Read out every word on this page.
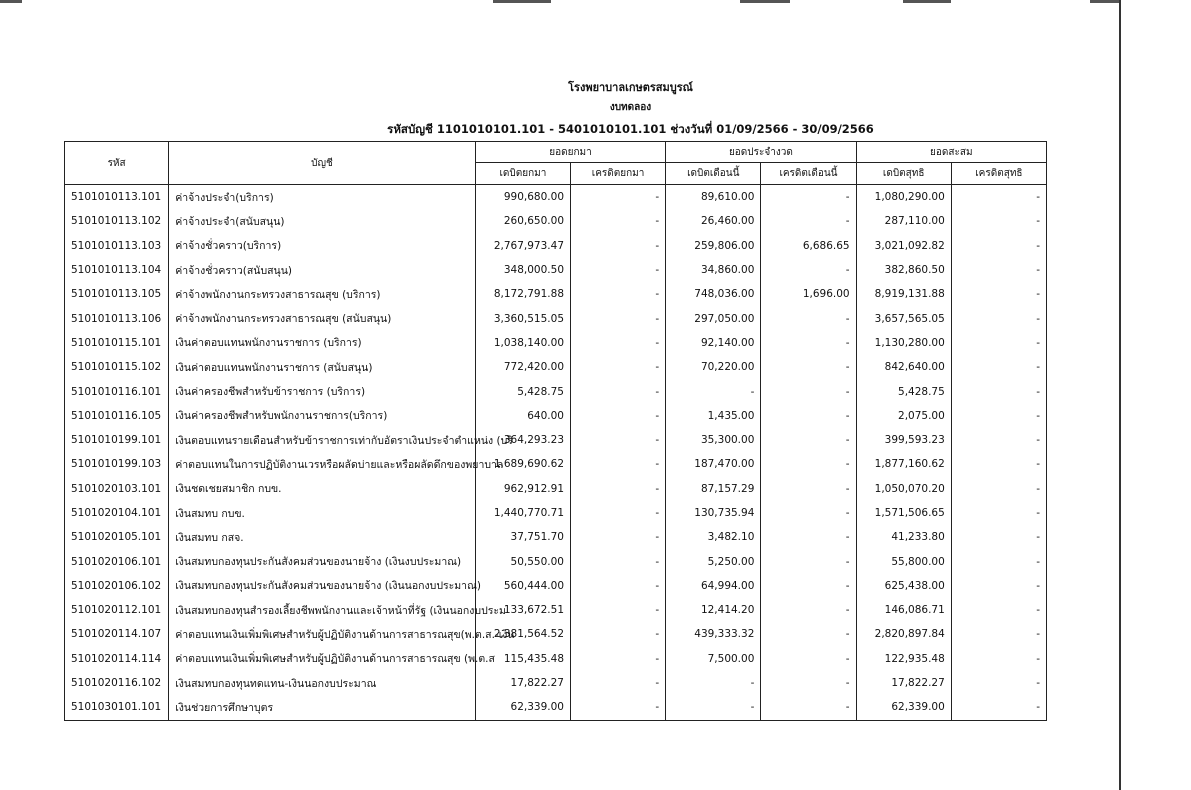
โรงพยาบาลเกษตรสมบูรณ์
งบทดลอง
รหัสบัญชี 1101010101.101 - 5401010101.101 ช่วงวันที่ 01/09/2566 - 30/09/2566
รหัส	บัญชี	ยอดยกมา		ยอดประจำงวด		ยอดสะสม	
		เดบิตยกมา	เครดิตยกมา	เดบิตเดือนนี้	เครดิตเดือนนี้	เดบิตสุทธิ	เครดิตสุทธิ
5101010113.101	ค่าจ้างประจำ(บริการ)	990,680.00	-	89,610.00	-	1,080,290.00	-
5101010113.102	ค่าจ้างประจำ(สนับสนุน)	260,650.00	-	26,460.00	-	287,110.00	-
5101010113.103	ค่าจ้างชั่วคราว(บริการ)	2,767,973.47	-	259,806.00	6,686.65	3,021,092.82	-
5101010113.104	ค่าจ้างชั่วคราว(สนับสนุน)	348,000.50	-	34,860.00	-	382,860.50	-
5101010113.105	ค่าจ้างพนักงานกระทรวงสาธารณสุข (บริการ)	8,172,791.88	-	748,036.00	1,696.00	8,919,131.88	-
5101010113.106	ค่าจ้างพนักงานกระทรวงสาธารณสุข (สนับสนุน)	3,360,515.05	-	297,050.00	-	3,657,565.05	-
5101010115.101	เงินค่าตอบแทนพนักงานราชการ (บริการ)	1,038,140.00	-	92,140.00	-	1,130,280.00	-
5101010115.102	เงินค่าตอบแทนพนักงานราชการ (สนับสนุน)	772,420.00	-	70,220.00	-	842,640.00	-
5101010116.101	เงินค่าครองชีพสำหรับข้าราชการ (บริการ)	5,428.75	-	-	-	5,428.75	-
5101010116.105	เงินค่าครองชีพสำหรับพนักงานราชการ(บริการ)	640.00	-	1,435.00	-	2,075.00	-
5101010199.101	เงินตอบแทนรายเดือนสำหรับข้าราชการเท่ากับอัตราเงินประจำตำแหน่ง (บริ	364,293.23	-	35,300.00	-	399,593.23	-
5101010199.103	ค่าตอบแทนในการปฏิบัติงานเวรหรือผลัดบ่ายและหรือผลัดดึกของพยาบาล	1,689,690.62	-	187,470.00	-	1,877,160.62	-
5101020103.101	เงินชดเชยสมาชิก กบข.	962,912.91	-	87,157.29	-	1,050,070.20	-
5101020104.101	เงินสมทบ กบข.	1,440,770.71	-	130,735.94	-	1,571,506.65	-
5101020105.101	เงินสมทบ กสจ.	37,751.70	-	3,482.10	-	41,233.80	-
5101020106.101	เงินสมทบกองทุนประกันสังคมส่วนของนายจ้าง (เงินงบประมาณ)	50,550.00	-	5,250.00	-	55,800.00	-
5101020106.102	เงินสมทบกองทุนประกันสังคมส่วนของนายจ้าง (เงินนอกงบประมาณ)	560,444.00	-	64,994.00	-	625,438.00	-
5101020112.101	เงินสมทบกองทุนสำรองเลี้ยงชีพพนักงานและเจ้าหน้าที่รัฐ (เงินนอกงบประม	133,672.51	-	12,414.20	-	146,086.71	-
5101020114.107	ค่าตอบแทนเงินเพิ่มพิเศษสำหรับผู้ปฏิบัติงานด้านการสาธารณสุข(พ.ต.ส.-เงิน	2,381,564.52	-	439,333.32	-	2,820,897.84	-
5101020114.114	ค่าตอบแทนเงินเพิ่มพิเศษสำหรับผู้ปฏิบัติงานด้านการสาธารณสุข (พ.ต.ส	115,435.48	-	7,500.00	-	122,935.48	-
5101020116.102	เงินสมทบกองทุนทดแทน-เงินนอกงบประมาณ	17,822.27	-	-	-	17,822.27	-
5101030101.101	เงินช่วยการศึกษาบุตร	62,339.00	-	-	-	62,339.00	-
